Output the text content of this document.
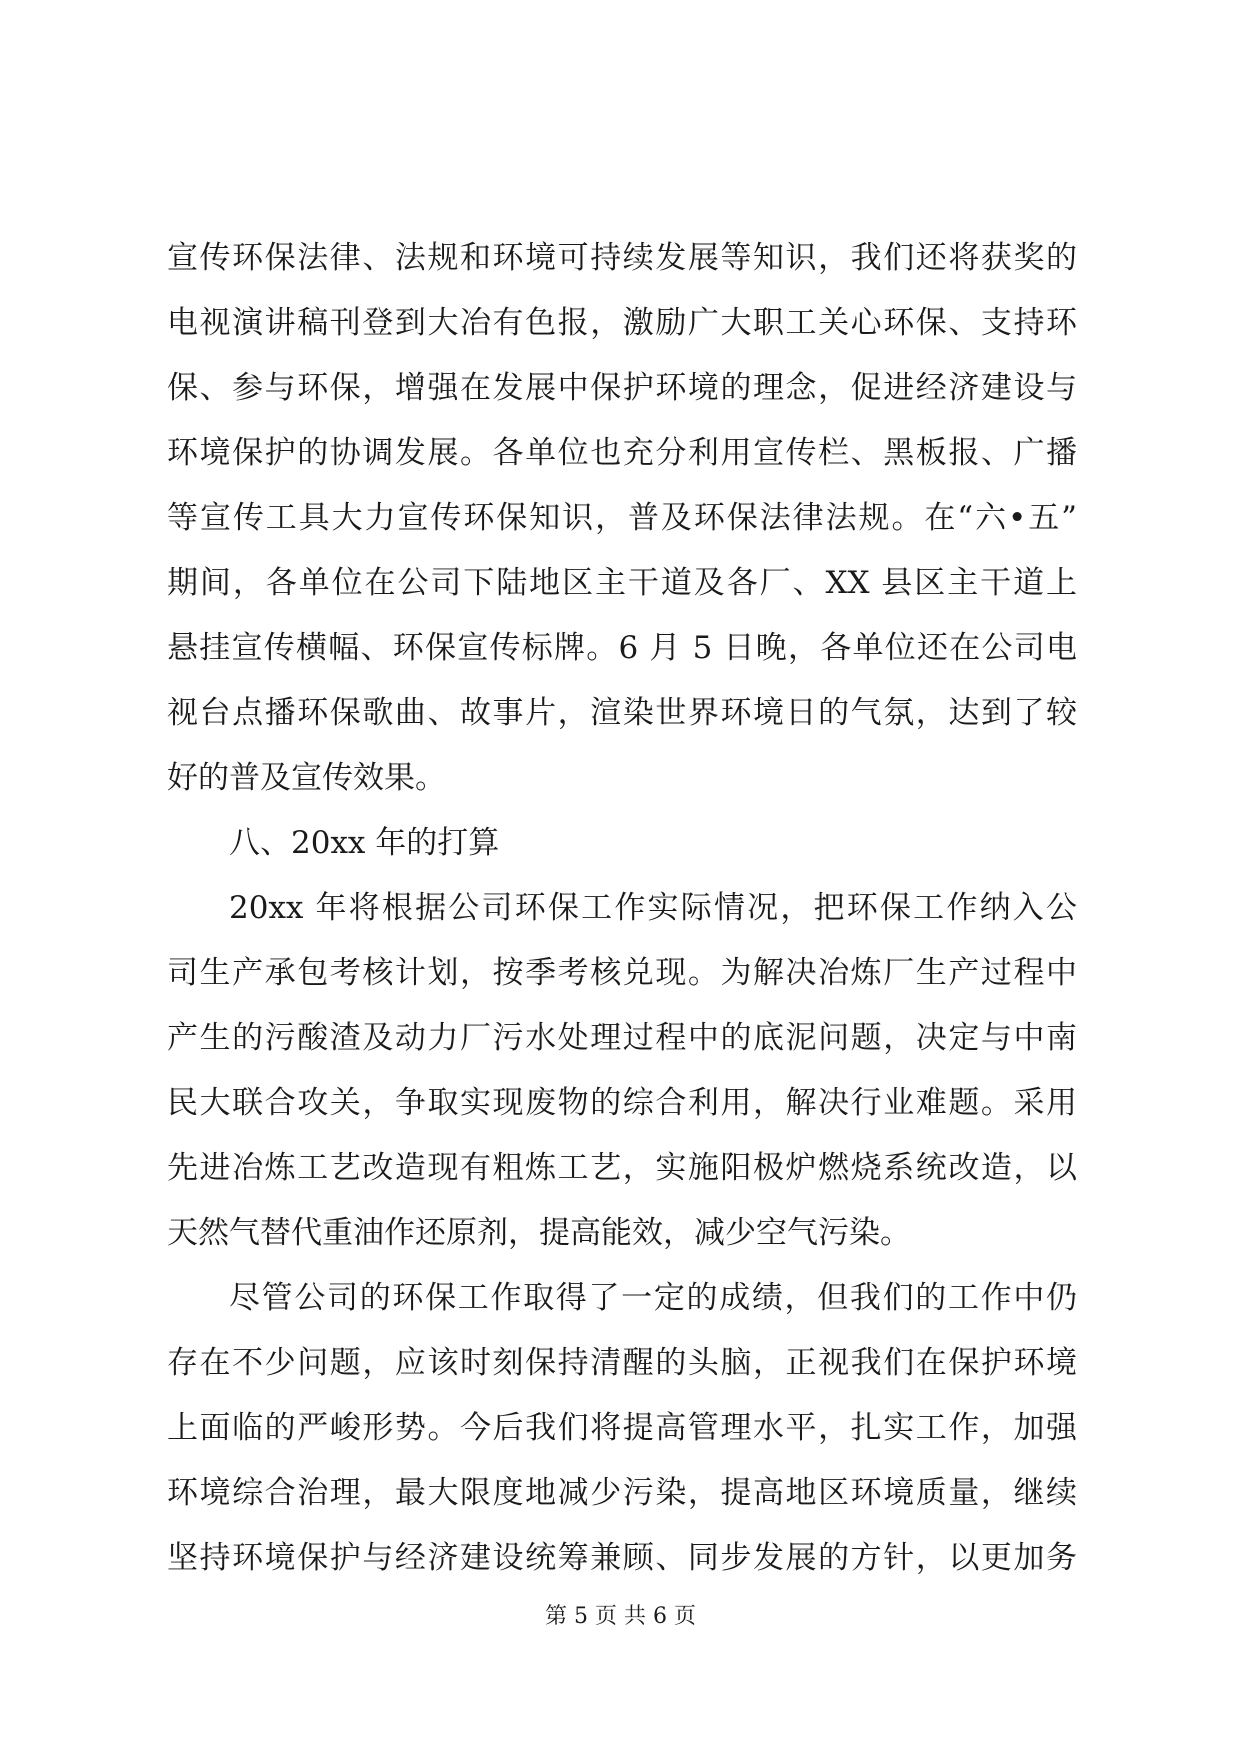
宣传环保法律、法规和环境可持续发展等知识，我们还将获奖的
电视演讲稿刊登到大冶有色报，激励广大职工关心环保、支持环
保、参与环保，增强在发展中保护环境的理念，促进经济建设与
环境保护的协调发展。各单位也充分利用宣传栏、黑板报、广播
等宣传工具大力宣传环保知识，普及环保法律法规。在“六•五”
期间，各单位在公司下陆地区主干道及各厂、XX 县区主干道上
悬挂宣传横幅、环保宣传标牌。6 月 5 日晚，各单位还在公司电
视台点播环保歌曲、故事片，渲染世界环境日的气氛，达到了较
好的普及宣传效果。
八、20xx 年的打算
20xx 年将根据公司环保工作实际情况，把环保工作纳入公
司生产承包考核计划，按季考核兑现。为解决冶炼厂生产过程中
产生的污酸渣及动力厂污水处理过程中的底泥问题，决定与中南
民大联合攻关，争取实现废物的综合利用，解决行业难题。采用
先进冶炼工艺改造现有粗炼工艺，实施阳极炉燃烧系统改造，以
天然气替代重油作还原剂，提高能效，减少空气污染。
尽管公司的环保工作取得了一定的成绩，但我们的工作中仍
存在不少问题，应该时刻保持清醒的头脑，正视我们在保护环境
上面临的严峻形势。今后我们将提高管理水平，扎实工作，加强
环境综合治理，最大限度地减少污染，提高地区环境质量，继续
坚持环境保护与经济建设统筹兼顾、同步发展的方针，以更加务
第 5 页 共 6 页
